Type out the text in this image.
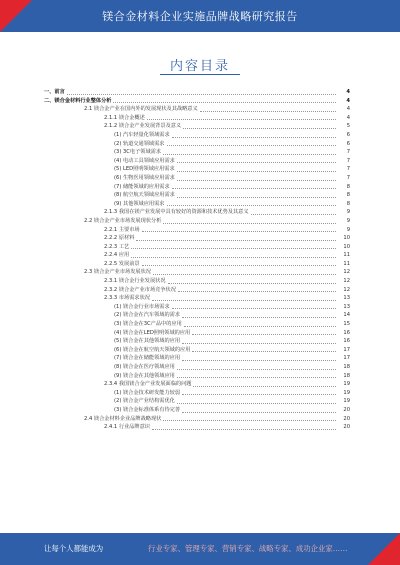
镁合金材料企业实施品牌战略研究报告
内容目录
一、前言	4
二、镁合金材料行业整体分析	4
2.1 镁合金产业在国内外的发展现状及其战略意义	4
2.1.1 镁合金概述	4
2.1.2 镁合金产业发展背景及意义	5
(1) 汽车轻量化领域需求	6
(2) 轨道交通领域需求	6
(3) 3C电子领域需求	7
(4) 电动工具领域应用需求	7
(5) LED照明领域应用需求	7
(6) 生物医用领域应用需求	7
(7) 储能领域的应用需求	8
(8) 航空航天领域应用需求	8
(9) 其他领域应用需求	8
2.1.3 我国在镁产业发展中具有较好的资源和技术优势及其意义	9
2.2 镁合金产业市场发展现状分析	9
2.2.1 主要市场	9
2.2.2 原材料	10
2.2.3 工艺	10
2.2.4 应用	11
2.2.5 发展前景	11
2.3 镁合金产业市场发展状况	12
2.3.1 镁合金行业发展状况	12
2.3.2 镁合金产业市场竞争状况	12
2.3.3 市场需求状况	13
(1) 镁合金行业市场需求	13
(2) 镁合金在汽车领域的需求	14
(3) 镁合金在3C产品中的应用	15
(4) 镁合金在LED照明领域的应用	16
(5) 镁合金在其他领域的应用	16
(6) 镁合金在航空航天领域的应用	17
(7) 镁合金在储能领域的应用	17
(8) 镁合金在医疗领域应用	18
(9) 镁合金在其他领域应用	18
2.3.4 我国镁合金产业发展面临的问题	19
(1) 镁合金技术研发能力较弱	19
(2) 镁合金产业结构需优化	19
(3) 镁合金标准体系有待完善	20
2.4 镁合金材料企业品牌战略现状	20
2.4.1 行业品牌意识	20
让每个人都能成为	行业专家、管理专家、营销专家、战略专家、成功企业家……
